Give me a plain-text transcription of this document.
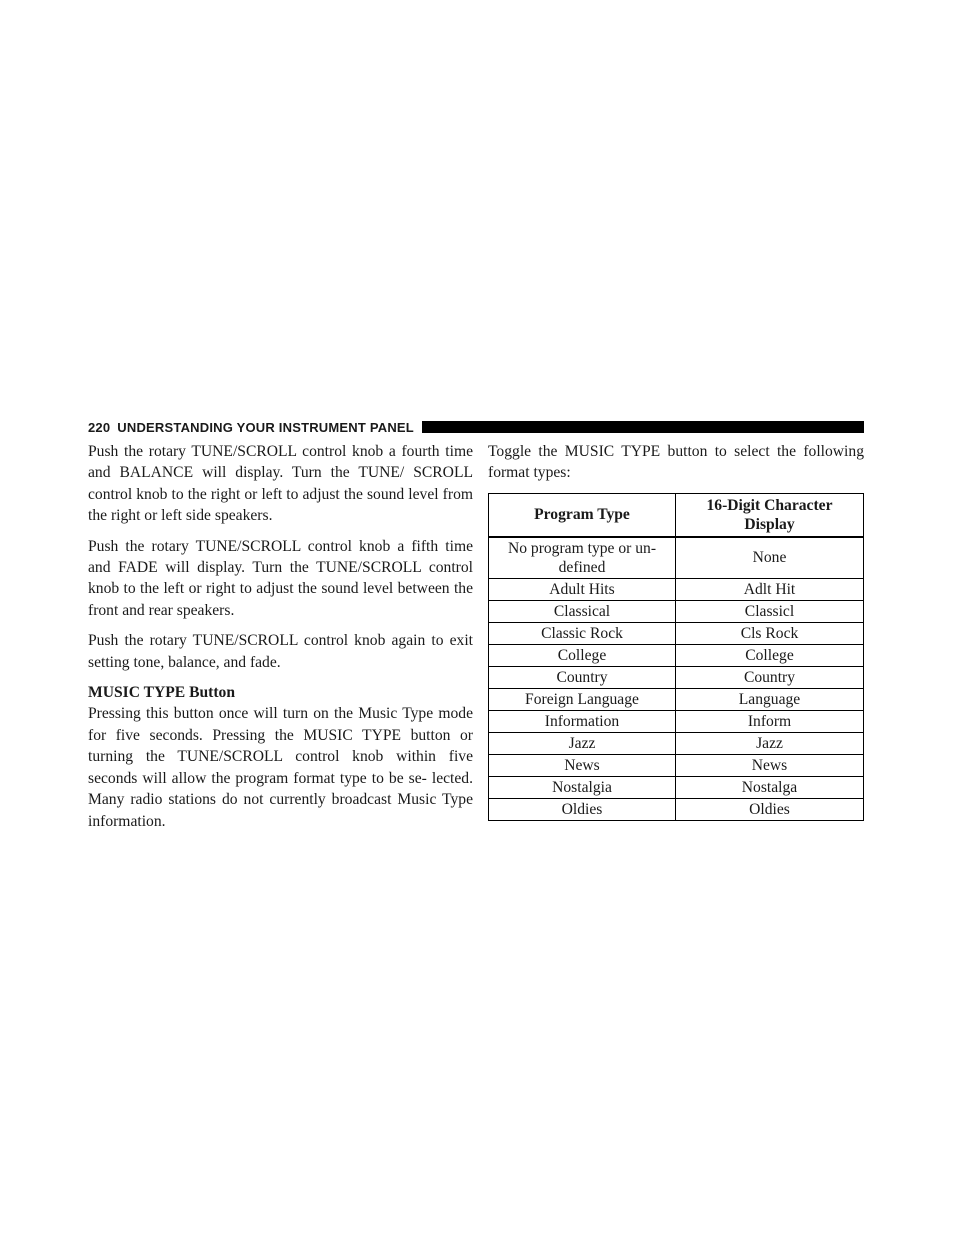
220 UNDERSTANDING YOUR INSTRUMENT PANEL

Push the rotary TUNE/SCROLL control knob a fourth time and BALANCE will display. Turn the TUNE/ SCROLL control knob to the right or left to adjust the sound level from the right or left side speakers.

Push the rotary TUNE/SCROLL control knob a fifth time and FADE will display. Turn the TUNE/SCROLL control knob to the left or right to adjust the sound level between the front and rear speakers.

Push the rotary TUNE/SCROLL control knob again to exit setting tone, balance, and fade.

MUSIC TYPE Button

Pressing this button once will turn on the Music Type mode for five seconds. Pressing the MUSIC TYPE button or turning the TUNE/SCROLL control knob within five seconds will allow the program format type to be se- lected. Many radio stations do not currently broadcast Music Type information.

Toggle the MUSIC TYPE button to select the following format types:

Program Type	16-Digit Character Display
No program type or un- defined	None
Adult Hits	Adlt Hit
Classical	Classicl
Classic Rock	Cls Rock
College	College
Country	Country
Foreign Language	Language
Information	Inform
Jazz	Jazz
News	News
Nostalgia	Nostalga
Oldies	Oldies
